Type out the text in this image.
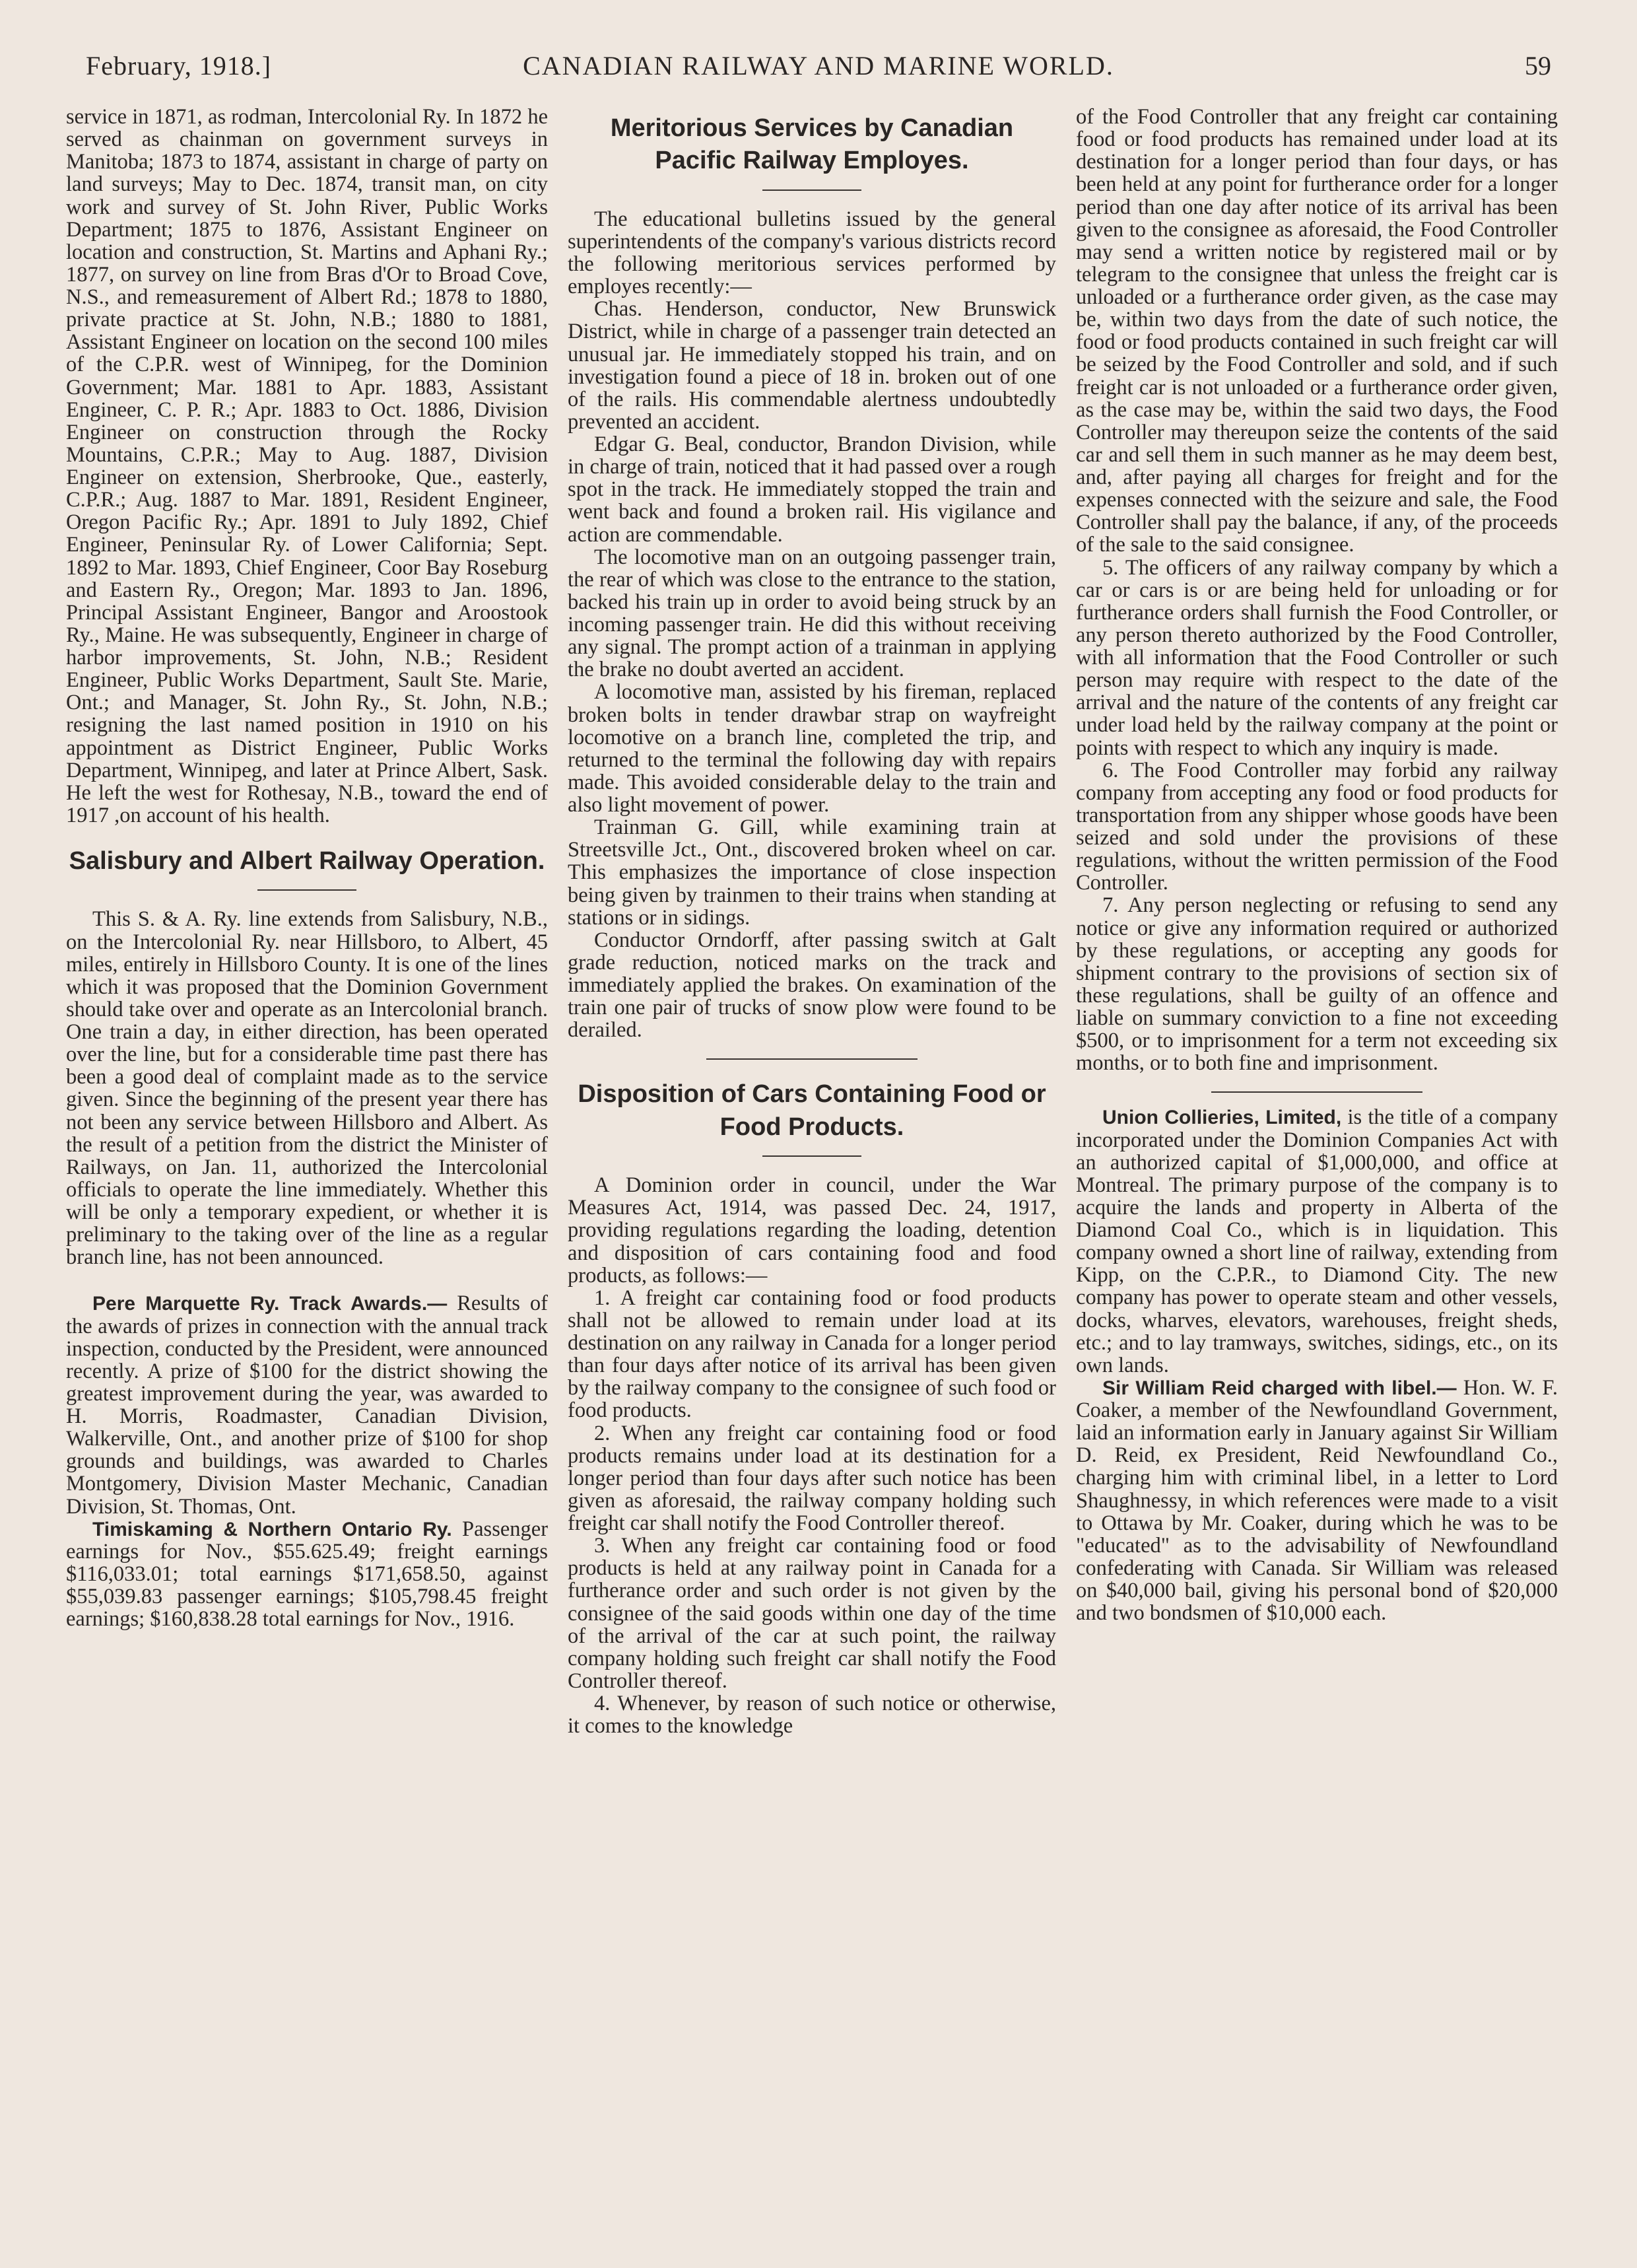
February, 1918.]	CANADIAN RAILWAY AND MARINE WORLD.	59

service in 1871, as rodman, Intercolonial Ry. In 1872 he served as chainman on government surveys in Manitoba; 1873 to 1874, assistant in charge of party on land surveys; May to Dec. 1874, transit man, on city work and survey of St. John River, Public Works Department; 1875 to 1876, Assistant Engineer on location and construction, St. Martins and Aphani Ry.; 1877, on survey on line from Bras d'Or to Broad Cove, N.S., and remeasurement of Albert Rd.; 1878 to 1880, private practice at St. John, N.B.; 1880 to 1881, Assistant Engineer on location on the second 100 miles of the C.P.R. west of Winnipeg, for the Dominion Government; Mar. 1881 to Apr. 1883, Assistant Engineer, C. P. R.; Apr. 1883 to Oct. 1886, Division Engineer on construction through the Rocky Mountains, C.P.R.; May to Aug. 1887, Division Engineer on extension, Sherbrooke, Que., easterly, C.P.R.; Aug. 1887 to Mar. 1891, Resident Engineer, Oregon Pacific Ry.; Apr. 1891 to July 1892, Chief Engineer, Peninsular Ry. of Lower California; Sept. 1892 to Mar. 1893, Chief Engineer, Coor Bay Roseburg and Eastern Ry., Oregon; Mar. 1893 to Jan. 1896, Principal Assistant Engineer, Bangor and Aroostook Ry., Maine. He was subsequently, Engineer in charge of harbor improvements, St. John, N.B.; Resident Engineer, Public Works Department, Sault Ste. Marie, Ont.; and Manager, St. John Ry., St. John, N.B.; resigning the last named position in 1910 on his appointment as District Engineer, Public Works Department, Winnipeg, and later at Prince Albert, Sask. He left the west for Rothesay, N.B., toward the end of 1917 ,on account of his health.

Salisbury and Albert Railway Operation.

This S. & A. Ry. line extends from Salisbury, N.B., on the Intercolonial Ry. near Hillsboro, to Albert, 45 miles, entirely in Hillsboro County. It is one of the lines which it was proposed that the Dominion Government should take over and operate as an Intercolonial branch. One train a day, in either direction, has been operated over the line, but for a considerable time past there has been a good deal of complaint made as to the service given. Since the beginning of the present year there has not been any service between Hillsboro and Albert. As the result of a petition from the district the Minister of Railways, on Jan. 11, authorized the Intercolonial officials to operate the line immediately. Whether this will be only a temporary expedient, or whether it is preliminary to the taking over of the line as a regular branch line, has not been announced.

Pere Marquette Ry. Track Awards.— Results of the awards of prizes in connection with the annual track inspection, conducted by the President, were announced recently. A prize of $100 for the district showing the greatest improvement during the year, was awarded to H. Morris, Roadmaster, Canadian Division, Walkerville, Ont., and another prize of $100 for shop grounds and buildings, was awarded to Charles Montgomery, Division Master Mechanic, Canadian Division, St. Thomas, Ont.

Timiskaming & Northern Ontario Ry. Passenger earnings for Nov., $55.625.49; freight earnings $116,033.01; total earnings $171,658.50, against $55,039.83 passenger earnings; $105,798.45 freight earnings; $160,838.28 total earnings for Nov., 1916.

Meritorious Services by Canadian Pacific Railway Employes.

The educational bulletins issued by the general superintendents of the company's various districts record the following meritorious services performed by employes recently:—

Chas. Henderson, conductor, New Brunswick District, while in charge of a passenger train detected an unusual jar. He immediately stopped his train, and on investigation found a piece of 18 in. broken out of one of the rails. His commendable alertness undoubtedly prevented an accident.

Edgar G. Beal, conductor, Brandon Division, while in charge of train, noticed that it had passed over a rough spot in the track. He immediately stopped the train and went back and found a broken rail. His vigilance and action are commendable.

The locomotive man on an outgoing passenger train, the rear of which was close to the entrance to the station, backed his train up in order to avoid being struck by an incoming passenger train. He did this without receiving any signal. The prompt action of a trainman in applying the brake no doubt averted an accident.

A locomotive man, assisted by his fireman, replaced broken bolts in tender drawbar strap on wayfreight locomotive on a branch line, completed the trip, and returned to the terminal the following day with repairs made. This avoided considerable delay to the train and also light movement of power.

Trainman G. Gill, while examining train at Streetsville Jct., Ont., discovered broken wheel on car. This emphasizes the importance of close inspection being given by trainmen to their trains when standing at stations or in sidings.

Conductor Orndorff, after passing switch at Galt grade reduction, noticed marks on the track and immediately applied the brakes. On examination of the train one pair of trucks of snow plow were found to be derailed.

Disposition of Cars Containing Food or Food Products.

A Dominion order in council, under the War Measures Act, 1914, was passed Dec. 24, 1917, providing regulations regarding the loading, detention and disposition of cars containing food and food products, as follows:—

1. A freight car containing food or food products shall not be allowed to remain under load at its destination on any railway in Canada for a longer period than four days after notice of its arrival has been given by the railway company to the consignee of such food or food products.

2. When any freight car containing food or food products remains under load at its destination for a longer period than four days after such notice has been given as aforesaid, the railway company holding such freight car shall notify the Food Controller thereof.

3. When any freight car containing food or food products is held at any railway point in Canada for a furtherance order and such order is not given by the consignee of the said goods within one day of the time of the arrival of the car at such point, the railway company holding such freight car shall notify the Food Controller thereof.

4. Whenever, by reason of such notice or otherwise, it comes to the knowledge

of the Food Controller that any freight car containing food or food products has remained under load at its destination for a longer period than four days, or has been held at any point for furtherance order for a longer period than one day after notice of its arrival has been given to the consignee as aforesaid, the Food Controller may send a written notice by registered mail or by telegram to the consignee that unless the freight car is unloaded or a furtherance order given, as the case may be, within two days from the date of such notice, the food or food products contained in such freight car will be seized by the Food Controller and sold, and if such freight car is not unloaded or a furtherance order given, as the case may be, within the said two days, the Food Controller may thereupon seize the contents of the said car and sell them in such manner as he may deem best, and, after paying all charges for freight and for the expenses connected with the seizure and sale, the Food Controller shall pay the balance, if any, of the proceeds of the sale to the said consignee.

5. The officers of any railway company by which a car or cars is or are being held for unloading or for furtherance orders shall furnish the Food Controller, or any person thereto authorized by the Food Controller, with all information that the Food Controller or such person may require with respect to the date of the arrival and the nature of the contents of any freight car under load held by the railway company at the point or points with respect to which any inquiry is made.

6. The Food Controller may forbid any railway company from accepting any food or food products for transportation from any shipper whose goods have been seized and sold under the provisions of these regulations, without the written permission of the Food Controller.

7. Any person neglecting or refusing to send any notice or give any information required or authorized by these regulations, or accepting any goods for shipment contrary to the provisions of section six of these regulations, shall be guilty of an offence and liable on summary conviction to a fine not exceeding $500, or to imprisonment for a term not exceeding six months, or to both fine and imprisonment.

Union Collieries, Limited, is the title of a company incorporated under the Dominion Companies Act with an authorized capital of $1,000,000, and office at Montreal. The primary purpose of the company is to acquire the lands and property in Alberta of the Diamond Coal Co., which is in liquidation. This company owned a short line of railway, extending from Kipp, on the C.P.R., to Diamond City. The new company has power to operate steam and other vessels, docks, wharves, elevators, warehouses, freight sheds, etc.; and to lay tramways, switches, sidings, etc., on its own lands.

Sir William Reid charged with libel.— Hon. W. F. Coaker, a member of the Newfoundland Government, laid an information early in January against Sir William D. Reid, ex President, Reid Newfoundland Co., charging him with criminal libel, in a letter to Lord Shaughnessy, in which references were made to a visit to Ottawa by Mr. Coaker, during which he was to be "educated" as to the advisability of Newfoundland confederating with Canada. Sir William was released on $40,000 bail, giving his personal bond of $20,000 and two bondsmen of $10,000 each.
